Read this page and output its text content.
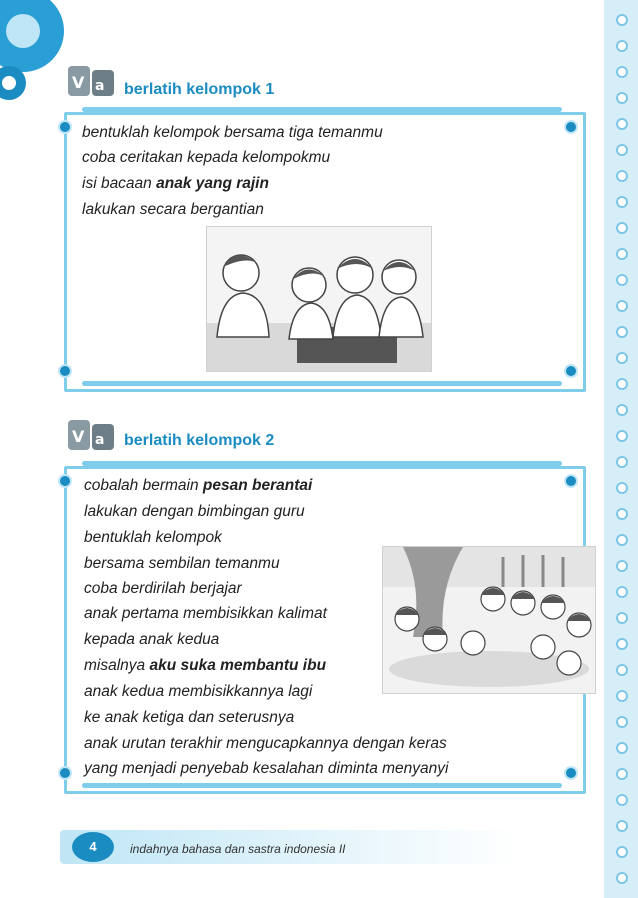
V a berlatih kelompok 1
bentuklah kelompok bersama tiga temanmu
coba ceritakan kepada kelompokmu
isi bacaan anak yang rajin
lakukan secara bergantian
V a berlatih kelompok 2
cobalah bermain pesan berantai
lakukan dengan bimbingan guru
bentuklah kelompok
bersama sembilan temanmu
coba berdirilah berjajar
anak pertama membisikkan kalimat
kepada anak kedua
misalnya aku suka membantu ibu
anak kedua membisikkannya lagi
ke anak ketiga dan seterusnya
anak urutan terakhir mengucapkannya dengan keras
yang menjadi penyebab kesalahan diminta menyanyi
4	indahnya bahasa dan sastra indonesia II
